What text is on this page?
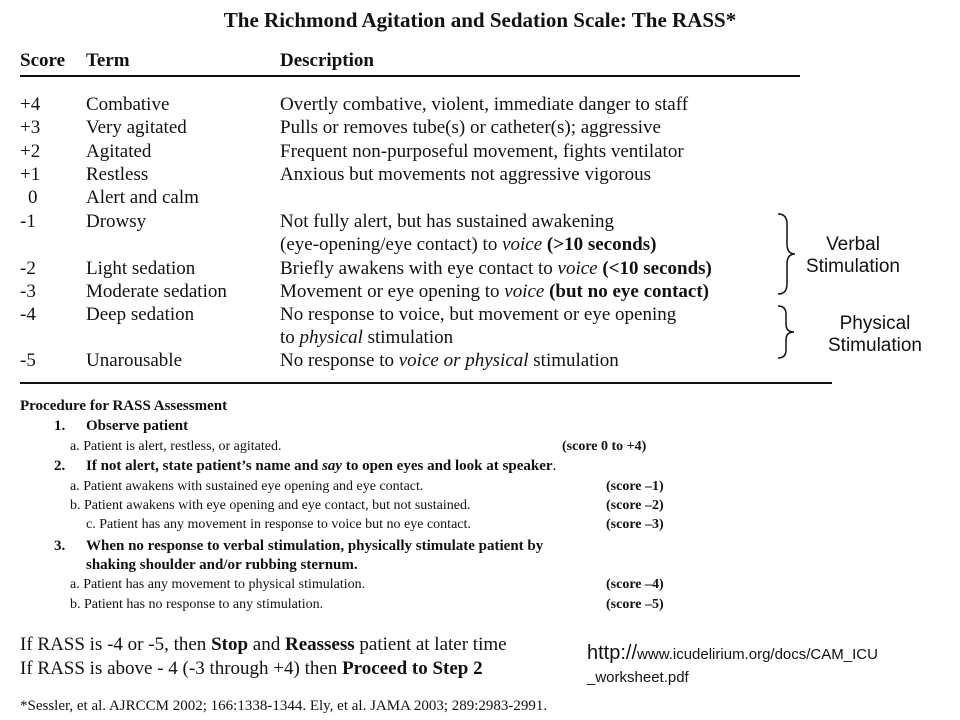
The Richmond Agitation and Sedation Scale: The RASS*
Score Term	Description
+4 Combative	Overtly combative, violent, immediate danger to staff
+3 Very agitated	Pulls or removes tube(s) or catheter(s); aggressive
+2 Agitated	Frequent non-purposeful movement, fights ventilator
+1 Restless	Anxious but movements not aggressive vigorous
0	Alert and calm
-1	Drowsy	Not fully alert, but has sustained awakening
(eye-opening/eye contact) to voice (>10 seconds)
-2	Light sedation	Briefly awakens with eye contact to voice (<10 seconds)
-3	Moderate sedation	Movement or eye opening to voice (but no eye contact)
-4	Deep sedation	No response to voice, but movement or eye opening
to physical stimulation
-5	Unarousable	No response to voice or physical stimulation
Verbal
Stimulation
Physical
Stimulation
Procedure for RASS Assessment
1. Observe patient
a. Patient is alert, restless, or agitated.	(score 0 to +4)
2. If not alert, state patient’s name and say to open eyes and look at speaker.
a. Patient awakens with sustained eye opening and eye contact.	(score –1)
b. Patient awakens with eye opening and eye contact, but not sustained.	(score –2)
c. Patient has any movement in response to voice but no eye contact.	(score –3)
3. When no response to verbal stimulation, physically stimulate patient by
shaking shoulder and/or rubbing sternum.
a. Patient has any movement to physical stimulation.	(score –4)
b. Patient has no response to any stimulation.	(score –5)
If RASS is -4 or -5, then Stop and Reassess patient at later time
If RASS is above - 4 (-3 through +4) then Proceed to Step 2
http://www.icudelirium.org/docs/CAM_ICU
_worksheet.pdf
*Sessler, et al. AJRCCM 2002; 166:1338-1344. Ely, et al. JAMA 2003; 289:2983-2991.
